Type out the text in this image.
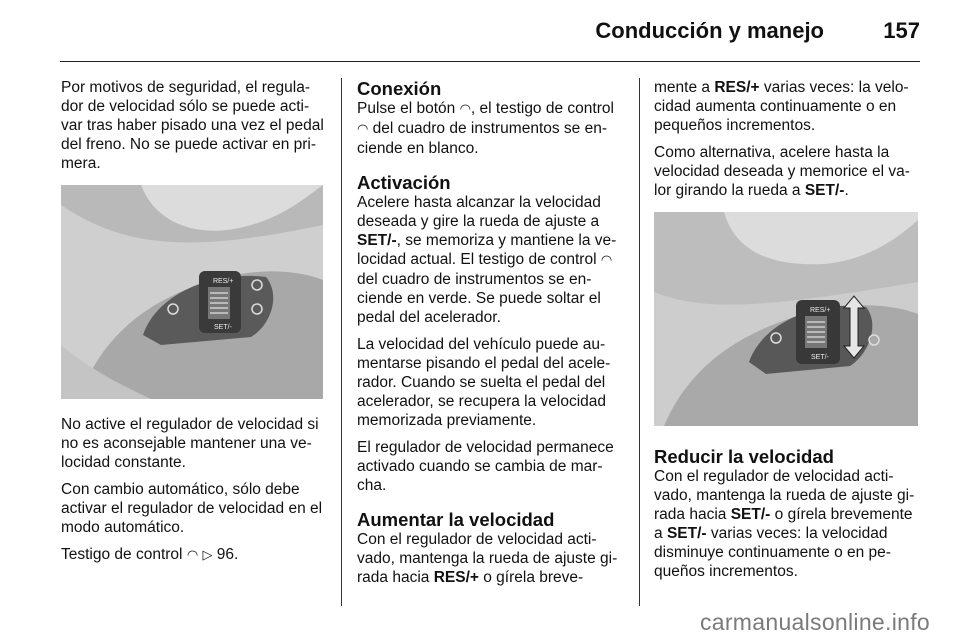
Conducción y manejo	157

Por motivos de seguridad, el regula-dor de velocidad sólo se puede acti-var tras haber pisado una vez el pedal del freno. No se puede activar en pri-mera.

RES/+
SET/-

No active el regulador de velocidad si no es aconsejable mantener una ve-locidad constante.

Con cambio automático, sólo debe activar el regulador de velocidad en el modo automático.

Testigo de control ◠ ▷ 96.

Conexión

Pulse el botón ◠, el testigo de control ◠ del cuadro de instrumentos se en-ciende en blanco.

Activación

Acelere hasta alcanzar la velocidad deseada y gire la rueda de ajuste a SET/-, se memoriza y mantiene la ve-locidad actual. El testigo de control ◠ del cuadro de instrumentos se en-ciende en verde. Se puede soltar el pedal del acelerador.

La velocidad del vehículo puede au-mentarse pisando el pedal del acele-rador. Cuando se suelta el pedal del acelerador, se recupera la velocidad memorizada previamente.

El regulador de velocidad permanece activado cuando se cambia de mar-cha.

Aumentar la velocidad

Con el regulador de velocidad acti-vado, mantenga la rueda de ajuste gi-rada hacia RES/+ o gírela breve-

mente a RES/+ varias veces: la velo-cidad aumenta continuamente o en pequeños incrementos.

Como alternativa, acelere hasta la velocidad deseada y memorice el va-lor girando la rueda a SET/-.

RES/+
SET/-
Reducir la velocidad

Con el regulador de velocidad acti-vado, mantenga la rueda de ajuste gi-rada hacia SET/- o gírela brevemente a SET/- varias veces: la velocidad disminuye continuamente o en pe-queños incrementos.

carmanualsonline.info
